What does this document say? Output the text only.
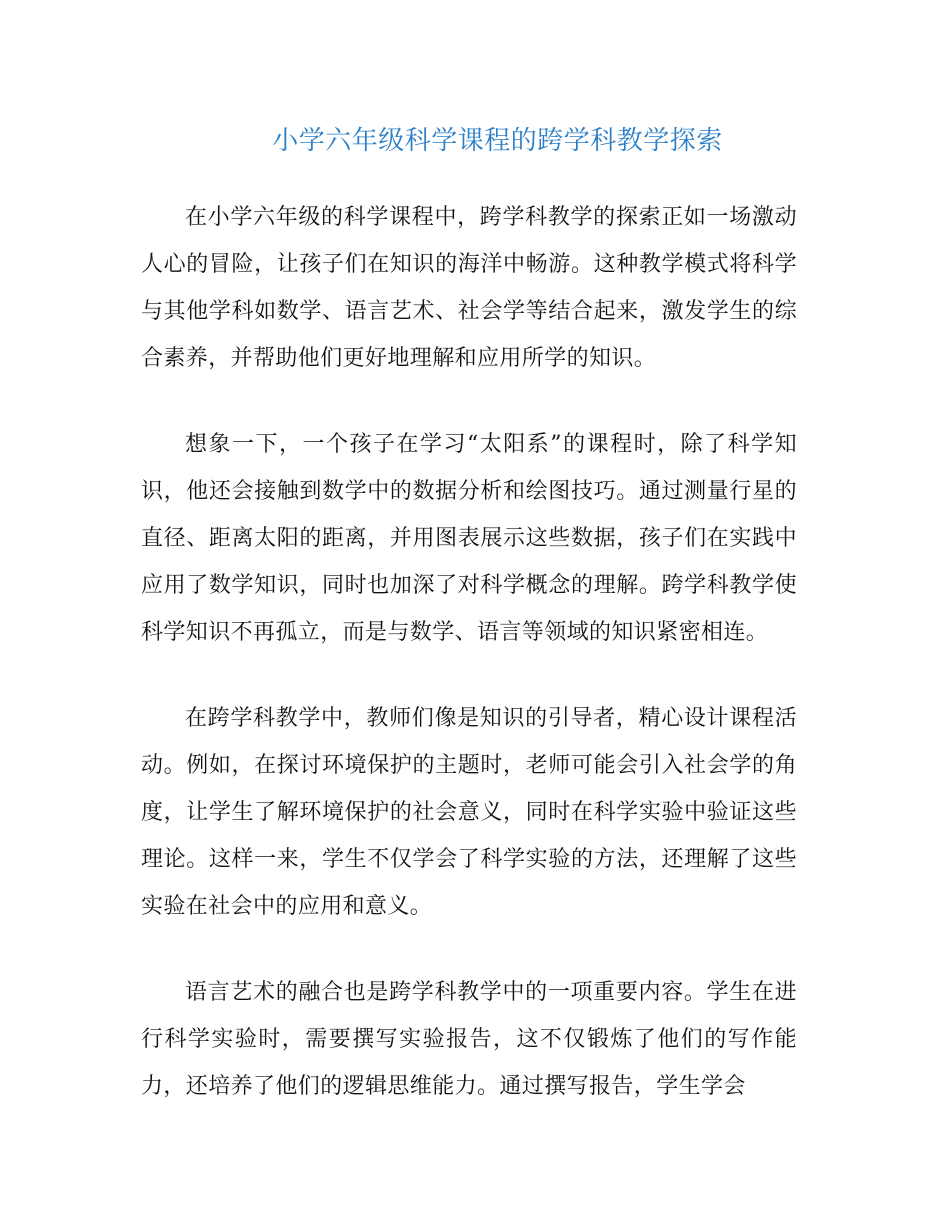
小学六年级科学课程的跨学科教学探索

在小学六年级的科学课程中，跨学科教学的探索正如一场激动人心的冒险，让孩子们在知识的海洋中畅游。这种教学模式将科学与其他学科如数学、语言艺术、社会学等结合起来，激发学生的综合素养，并帮助他们更好地理解和应用所学的知识。

想象一下，一个孩子在学习“太阳系”的课程时，除了科学知识，他还会接触到数学中的数据分析和绘图技巧。通过测量行星的直径、距离太阳的距离，并用图表展示这些数据，孩子们在实践中应用了数学知识，同时也加深了对科学概念的理解。跨学科教学使科学知识不再孤立，而是与数学、语言等领域的知识紧密相连。

在跨学科教学中，教师们像是知识的引导者，精心设计课程活动。例如，在探讨环境保护的主题时，老师可能会引入社会学的角度，让学生了解环境保护的社会意义，同时在科学实验中验证这些理论。这样一来，学生不仅学会了科学实验的方法，还理解了这些实验在社会中的应用和意义。

语言艺术的融合也是跨学科教学中的一项重要内容。学生在进行科学实验时，需要撰写实验报告，这不仅锻炼了他们的写作能力，还培养了他们的逻辑思维能力。通过撰写报告，学生学会
